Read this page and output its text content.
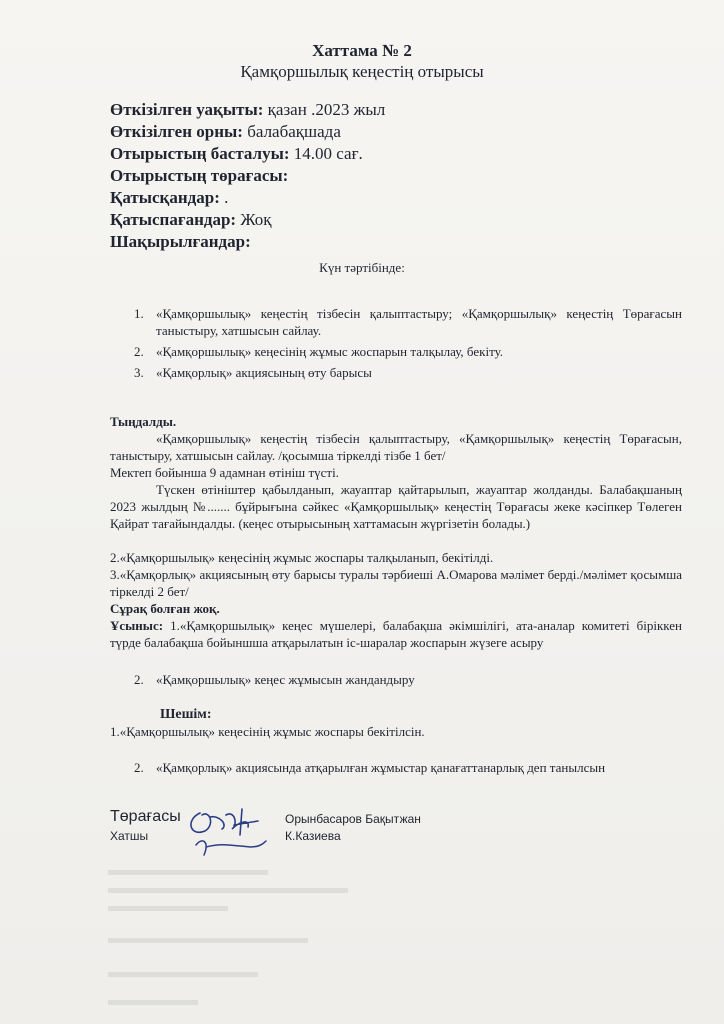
Хаттама № 2
Қамқоршылық кеңестің отырысы
Өткізілген уақыты: қазан .2023 жыл
Өткізілген орны: балабақшада
Отырыстың басталуы: 14.00 сағ.
Отырыстың төрағасы:
Қатысқандар: .
Қатыспағандар: Жоқ
Шақырылғандар:
Күн тәртібінде:
1. «Қамқоршылық» кеңестің тізбесін қалыптастыру; «Қамқоршылық» кеңестің Төрағасын таныстыру, хатшысын сайлау.
2. «Қамқоршылық» кеңесінің жұмыс жоспарын талқылау, бекіту.
3. «Қамқорлық» акциясының өту барысы
Тыңдалды.
«Қамқоршылық» кеңестің тізбесін қалыптастыру, «Қамқоршылық» кеңестің Төрағасын, таныстыру, хатшысын сайлау. /қосымша тіркелді тізбе 1 бет/
Мектеп бойынша 9 адамнан өтініш түсті.
Түскен өтініштер қабылданып, жауаптар қайтарылып, жауаптар жолданды. Балабақшаның 2023 жылдың №....... бұйрығына сәйкес «Қамқоршылық» кеңестің Төрағасы жеке кәсіпкер Төлеген Қайрат тағайындалды. (кеңес отырысының хаттамасын жүргізетін болады.)
2.«Қамқоршылық» кеңесінің жұмыс жоспары талқыланып, бекітілді.
3.«Қамқорлық» акциясының өту барысы туралы тәрбиеші А.Омарова мәлімет берді./мәлімет қосымша тіркелді 2 бет/
Сұрақ болған жоқ.
Ұсыныс: 1.«Қамқоршылық» кеңес мүшелері, балабақша әкімшілігі, ата-аналар комитеті біріккен түрде балабақша бойыншша атқарылатын іс-шаралар жоспарын жүзеге асыру
2. «Қамқоршылық» кеңес жұмысын жандандыру
Шешім:
1.«Қамқоршылық» кеңесінің жұмыс жоспары бекітілсін.
2. «Қамқорлық» акциясында атқарылған жұмыстар қанағаттанарлық деп танылсын
Төрағасы	Орынбасаров Бақытжан
Хатшы	К.Казиева
